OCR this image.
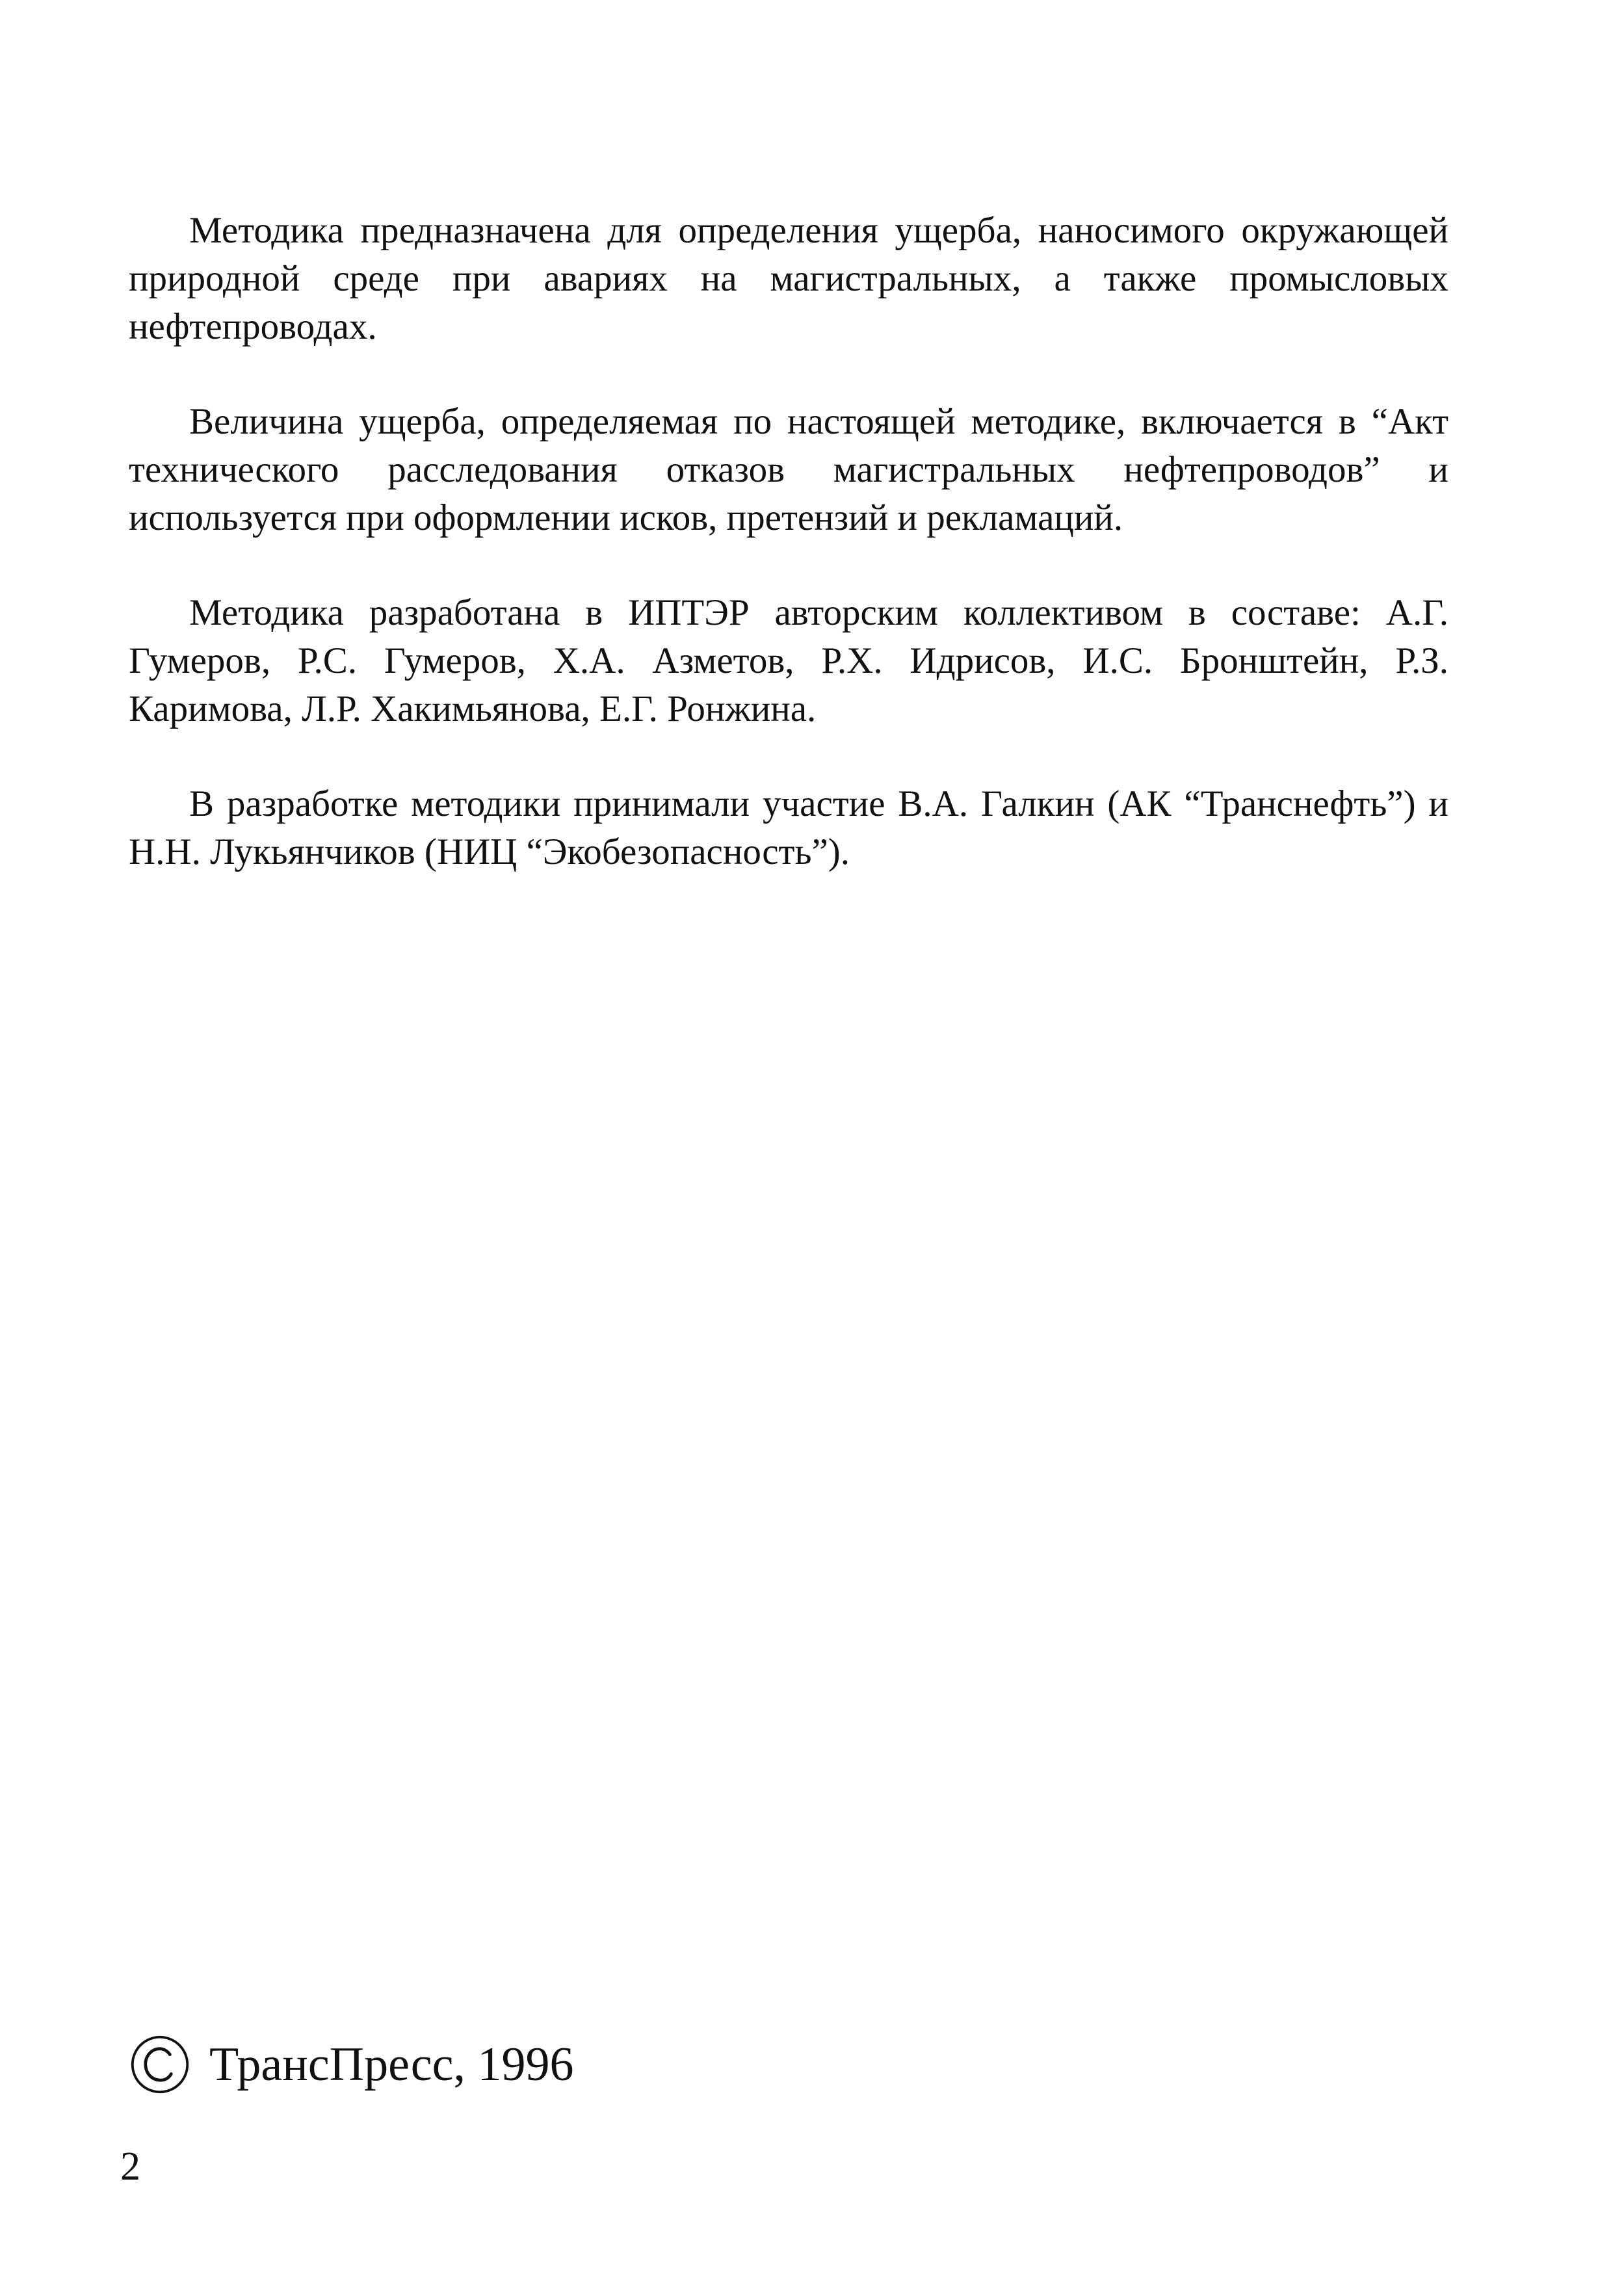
Методика предназначена для определения ущерба, наносимого окружающей природной среде при авариях на магистральных, а также промысловых нефтепроводах.

Величина ущерба, определяемая по настоящей методике, включается в “Акт технического расследования отказов магистральных нефтепроводов” и используется при оформлении исков, претензий и рекламаций.

Методика разработана в ИПТЭР авторским коллективом в составе: А.Г. Гумеров, Р.С. Гумеров, Х.А. Азметов, Р.Х. Идрисов, И.С. Бронштейн, Р.З. Каримова, Л.Р. Хакимьянова, Е.Г. Ронжина.

В разработке методики принимали участие В.А. Галкин (АК “Транснефть”) и Н.Н. Лукьянчиков (НИЦ “Экобезопасность”).

ТрансПресс, 1996
2
